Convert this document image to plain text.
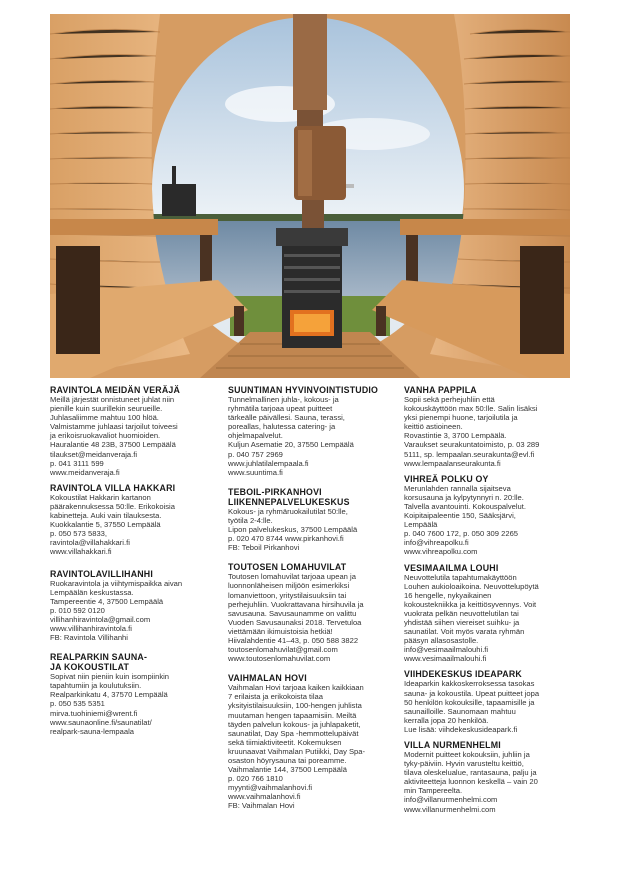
RAVINTOLA MEIDÄN VERÄJÄ
Meillä järjestät onnistuneet juhlat niin
pienille kuin suurillekin seurueille.
Juhlasaliimme mahtuu 100 hlöä.
Valmistamme juhlaasi tarjoilut toiveesi
ja erikoisruokavaliot huomioiden.
Hauralantie 48 23B, 37500 Lempäälä
tilaukset@meidanveraja.fi
p. 041 3111 599
www.meidanveraja.fi
RAVINTOLA VILLA HAKKARI
Kokoustilat Hakkarin kartanon
päärakennuksessa 50:lle. Erikokoisia
kabinetteja. Auki vain tilauksesta.
Kuokkalantie 5, 37550 Lempäälä
p. 050 573 5833,
ravintola@villahakkari.fi
www.villahakkari.fi
RAVINTOLAVILLIHANHI
Ruokaravintola ja viihtymispaikka aivan
Lempäälän keskustassa.
Tampereentie 4, 37500 Lempäälä
p. 010 592 0120
villihanhiravintola@gmail.com
www.villihanhiravintola.fi
FB: Ravintola Villihanhi
REALPARKIN SAUNA-
JA KOKOUSTILAT
Sopivat niin pieniin kuin isompiinkin
tapahtumiin ja koulutuksiin.
Realparkinkatu 4, 37570 Lempäälä
p. 050 535 5351
mirva.tuohiniemi@wrent.fi
www.saunaonline.fi/saunatilat/
realpark-sauna-lempaala
SUUNTIMAN HYVINVOINTISTUDIO
Tunnelmallinen juhla-, kokous- ja
ryhmätila tarjoaa upeat puitteet
tärkeälle päivällesi. Sauna, terassi,
poreallas, halutessa catering- ja
ohjelmapalvelut.
Kuljun Asematie 20, 37550 Lempäälä
p. 040 757 2969
www.juhlatilalempaala.fi
www.suuntima.fi
TEBOIL-PIRKANHOVI
LIIKENNEPALVELUKESKUS
Kokous- ja ryhmäruokailutilat 50:lle,
työtila 2-4:lle.
Lipon palvelukeskus, 37500 Lempäälä
p. 020 470 8744 www.pirkanhovi.fi
FB: Teboil Pirkanhovi
TOUTOSEN LOMAHUVILAT
Toutosen lomahuvilat tarjoaa upean ja
luonnonläheisen miljöön esimerkiksi
lomanviettoon, yritystilaisuuksiin tai
perhejuhliin. Vuokrattavana hirsihuvila ja
savusauna. Savusaunamme on valittu
Vuoden Savusaunaksi 2018. Tervetuloa
viettämään ikimuistoisia hetkiä!
Hiivalahdentie 41–43, p. 050 588 3822
toutosenlomahuvilat@gmail.com
www.toutosenlomahuvilat.com
VAIHMALAN HOVI
Vaihmalan Hovi tarjoaa kaiken kaikkiaan
7 erilaista ja erikokoista tilaa
yksityistilaisuuksiin, 100-hengen juhlista
muutaman hengen tapaamisiin. Meiltä
täyden palvelun kokous- ja juhlapaketit,
saunatilat, Day Spa -hemmottelupäivät
sekä tiimiaktiviteetit. Kokemuksen
kruunaavat Vaihmalan Putiikki, Day Spa-
osaston höyrysauna tai poreamme.
Vaihmalantie 144, 37500 Lempäälä
p. 020 766 1810
myynti@vaihmalanhovi.fi
www.vaihmalanhovi.fi
FB: Vaihmalan Hovi
VANHA PAPPILA
Sopii sekä perhejuhliin että
kokouskäyttöön max 50:lle. Salin lisäksi
yksi pienempi huone, tarjoilutila ja
keittiö astioineen.
Rovastintie 3, 3700 Lempäälä.
Varaukset seurakuntatoimisto, p. 03 289
5111, sp. lempaalan.seurakunta@evl.fi
www.lempaalanseurakunta.fi
VIHREÄ POLKU OY
Merunlahden rannalla sijaitseva
korsusauna ja kylpytynnyri n. 20:lle.
Talvella avantouinti. Kokouspalvelut.
Koipitaipaleentie 150, Sääksjärvi,
Lempäälä
p. 040 7600 172, p. 050 309 2265
info@vihreapolku.fi
www.vihreapolku.com
VESIMAAILMA LOUHI
Neuvottelutila tapahtumakäyttöön
Louhen aukioloaikoina. Neuvottelupöytä
16 hengelle, nykyaikainen
kokoustekniikka ja keittiösyvennys. Voit
vuokrata pelkän neuvottelutilan tai
yhdistää siihen viereiset suihku- ja
saunatilat. Voit myös varata ryhmän
pääsyn allasosastolle.
info@vesimaailmalouhi.fi
www.vesimaailmalouhi.fi
VIIHDEKESKUS IDEAPARK
Ideaparkin kakkoskerroksessa tasokas
sauna- ja kokoustila. Upeat puitteet jopa
50 henkilön kokouksille, tapaamisille ja
saunailloille. Saunomaan mahtuu
kerralla jopa 20 henkilöä.
Lue lisää: viihdekeskusideapark.fi
VILLA NURMENHELMI
Modernit puitteet kokouksiin, juhliin ja
tyky-päiviin. Hyvin varusteltu keittiö,
tilava oleskelualue, rantasauna, palju ja
aktiviteetteja luonnon keskellä – vain 20
min Tampereelta.
info@villanurmenhelmi.com
www.villanurmenhelmi.com
